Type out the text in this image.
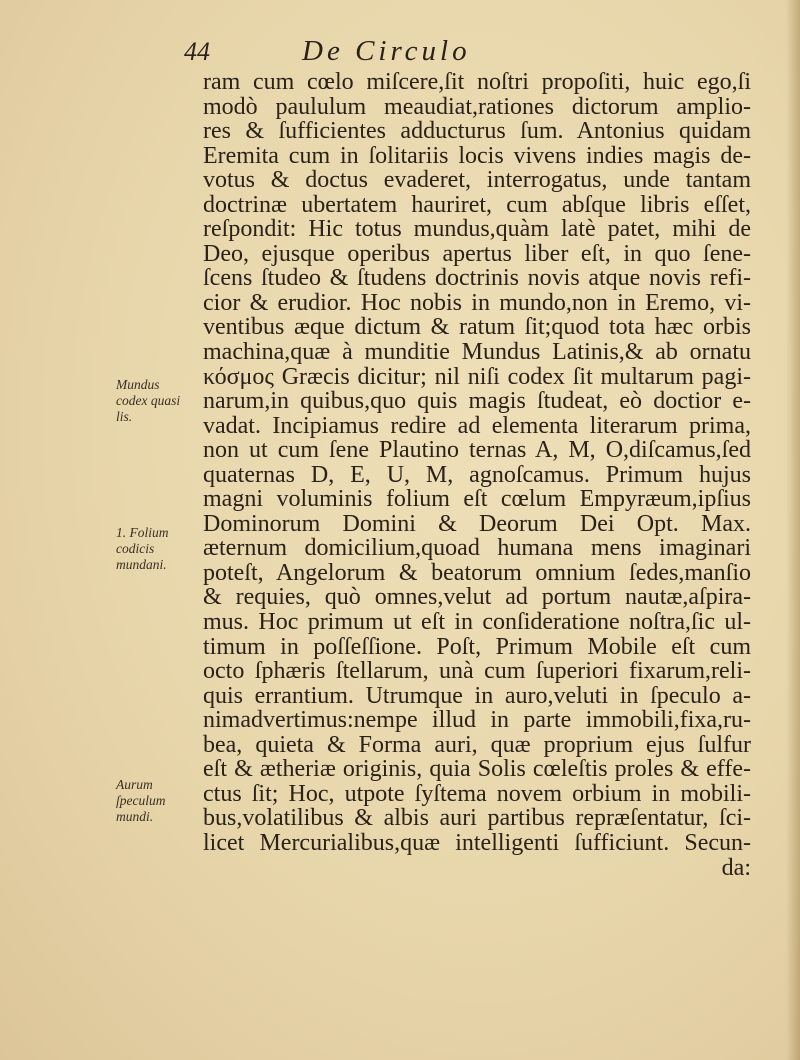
44	De Circulo
ram cum cœlo miſcere,ſit noſtri propoſiti, huic ego,ſi
modò paululum meaudiat,rationes dictorum amplio-
res & ſufficientes adducturus ſum. Antonius quidam
Eremita cum in ſolitariis locis vivens indies magis de-
votus & doctus evaderet, interrogatus, unde tantam
doctrinæ ubertatem hauriret, cum abſque libris eſſet,
reſpondit: Hic totus mundus,quàm latè patet, mihi de
Deo, ejusque operibus apertus liber eſt, in quo ſene-
ſcens ſtudeo & ſtudens doctrinis novis atque novis refi-
cior & erudior. Hoc nobis in mundo,non in Eremo, vi-
ventibus æque dictum & ratum ſit;quod tota hæc orbis
machina,quæ à munditie Mundus Latinis,& ab ornatu
κόσμος Græcis dicitur; nil niſi codex ſit multarum pagi-
narum,in quibus,quo quis magis ſtudeat, eò doctior e-
vadat. Incipiamus redire ad elementa literarum prima,
non ut cum ſene Plautino ternas A, M, O,diſcamus,ſed
quaternas D, E, U, M, agnoſcamus. Primum hujus
magni voluminis folium eſt cœlum Empyræum,ipſius
Dominorum Domini & Deorum Dei Opt. Max.
æternum domicilium,quoad humana mens imaginari
poteſt, Angelorum & beatorum omnium ſedes,manſio
& requies, quò omnes,velut ad portum nautæ,aſpira-
mus. Hoc primum ut eſt in conſideratione noſtra,ſic ul-
timum in poſſeſſione. Poſt, Primum Mobile eſt cum
octo ſphæris ſtellarum, unà cum ſuperiori fixarum,reli-
quis errantium. Utrumque in auro,veluti in ſpeculo a-
nimadvertimus:nempe illud in parte immobili,fixa,ru-
bea, quieta & Forma auri, quæ proprium ejus ſulfur
eſt & ætheriæ originis, quia Solis cœleſtis proles & effe-
ctus ſit; Hoc, utpote ſyſtema novem orbium in mobili-
bus,volatilibus & albis auri partibus repræſentatur, ſci-
licet Mercurialibus,quæ intelligenti ſufficiunt. Secun-
da:
Mundus
codex quasi
lis.
1. Folium
codicis
mundani.
Aurum
ſpeculum
mundi.
